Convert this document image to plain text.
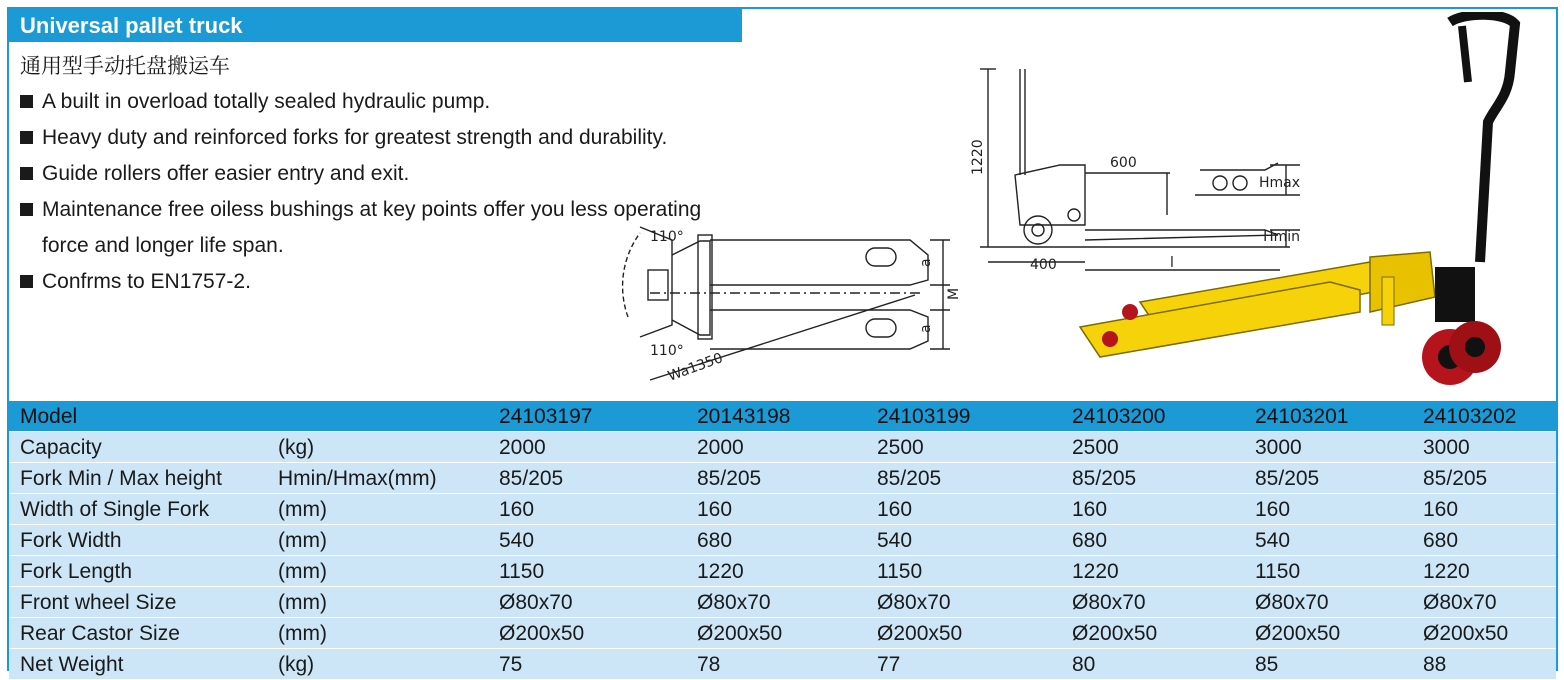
Universal pallet truck
通用型手动托盘搬运车
A built in overload totally sealed hydraulic pump.
Heavy duty and reinforced forks for greatest strength and durability.
Guide rollers offer easier entry and exit.
Maintenance free oiless bushings at key points offer you less operating force and longer life span.
Confrms to EN1757-2.
110°
110°
Wa1350
a
a
M
1220	600
400	l
Hmax
Hmin
Model		24103197	20143198	24103199	24103200	24103201	24103202
Capacity	(kg)	2000	2000	2500	2500	3000	3000
Fork Min / Max height	Hmin/Hmax(mm)	85/205	85/205	85/205	85/205	85/205	85/205
Width of Single Fork	(mm)	160	160	160	160	160	160
Fork Width	(mm)	540	680	540	680	540	680
Fork Length	(mm)	1150	1220	1150	1220	1150	1220
Front wheel Size	(mm)	Ø80x70	Ø80x70	Ø80x70	Ø80x70	Ø80x70	Ø80x70
Rear Castor Size	(mm)	Ø200x50	Ø200x50	Ø200x50	Ø200x50	Ø200x50	Ø200x50
Net Weight	(kg)	75	78	77	80	85	88
